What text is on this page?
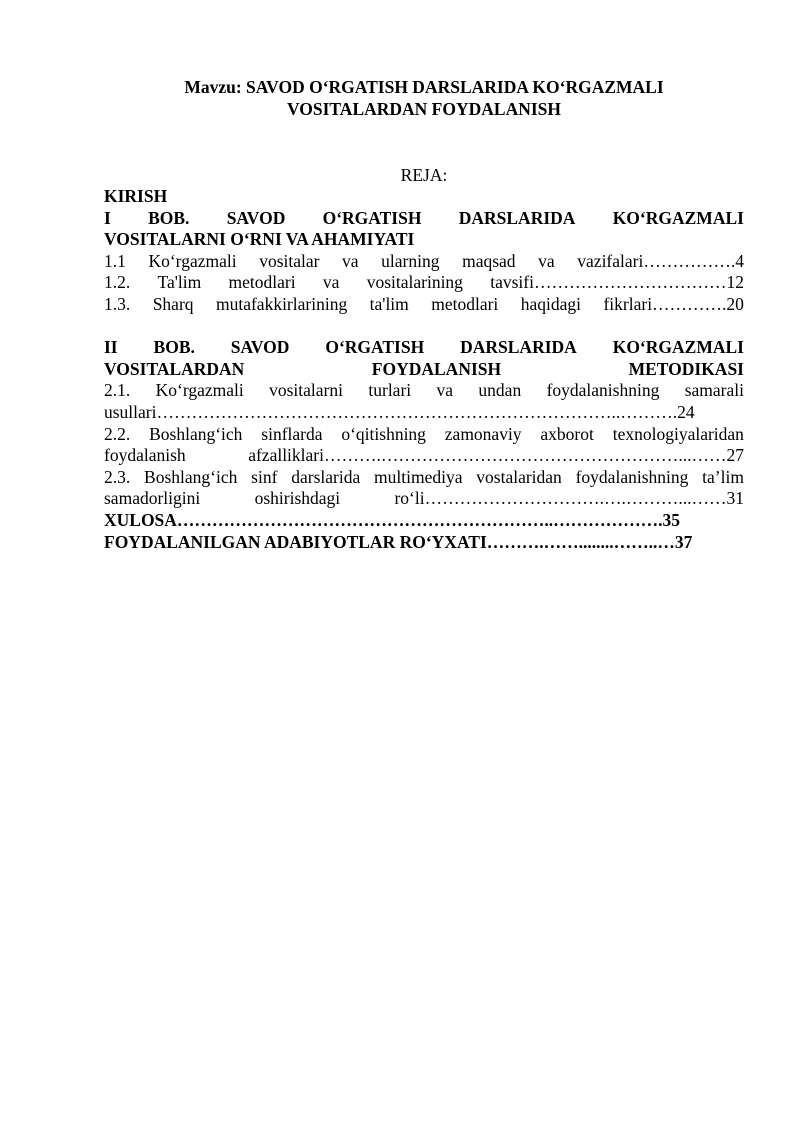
Mavzu: SAVOD O‘RGATISH DARSLARIDA KO‘RGAZMALI
VOSITALARDAN FOYDALANISH
REJA:
KIRISH
I BOB. SAVOD O‘RGATISH DARSLARIDA KO‘RGAZMALI
VOSITALARNI O‘RNI VA AHAMIYATI
1.1 Ko‘rgazmali vositalar va ularning maqsad va vazifalari…………….4
1.2. Ta'lim metodlari va vositalarining tavsifi……………………………12
1.3. Sharq mutafakkirlarining ta'lim metodlari haqidagi fikrlari………….20
II BOB. SAVOD O‘RGATISH DARSLARIDA KO‘RGAZMALI
VOSITALARDAN	FOYDALANISH	METODIKASI
2.1. Ko‘rgazmali vositalarni turlari va undan foydalanishning samarali
usullari……………………………………………………………………..……….24
2.2. Boshlang‘ich sinflarda o‘qitishning zamonaviy axborot texnologiyalaridan
foydalanish	afzalliklari……….……………………………………………...……27
2.3. Boshlang‘ich sinf darslarida multimediya vostalaridan foydalanishning ta’lim
samadorligini	oshirishdagi	ro‘li………………………….….………...……31
XULOSA………………………………………………………..……………….35
FOYDALANILGAN ADABIYOTLAR RO‘YXATI……….……........……..…37
